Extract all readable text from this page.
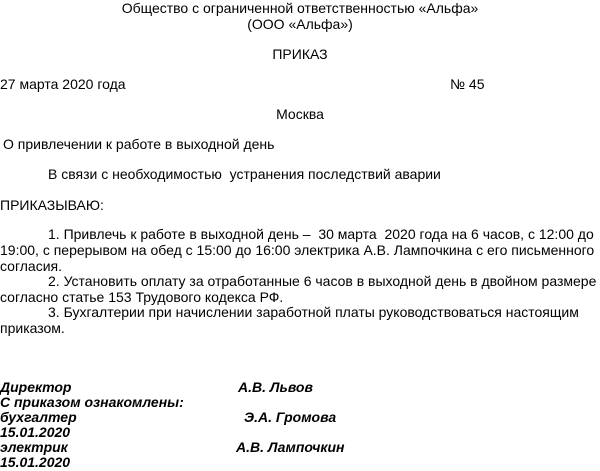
Общество с ограниченной ответственностью «Альфа»
(ООО «Альфа»)
ПРИКАЗ
27 марта 2020 года	№ 45
Москва
О привлечении к работе в выходной день
В связи с необходимостью  устранения последствий аварии
ПРИКАЗЫВАЮ:
1. Привлечь к работе в выходной день –  30 марта  2020 года на 6 часов, с 12:00 до
19:00, с перерывом на обед с 15:00 до 16:00 электрика А.В. Лампочкина с его письменного
согласия.
2. Установить оплату за отработанные 6 часов в выходной день в двойном размере
согласно статье 153 Трудового кодекса РФ.
3. Бухгалтерии при начислении заработной платы руководствоваться настоящим
приказом.
Директор	А.В. Львов
С приказом ознакомлены:
бухгалтер	Э.А. Громова
15.01.2020
электрик	А.В. Лампочкин
15.01.2020
